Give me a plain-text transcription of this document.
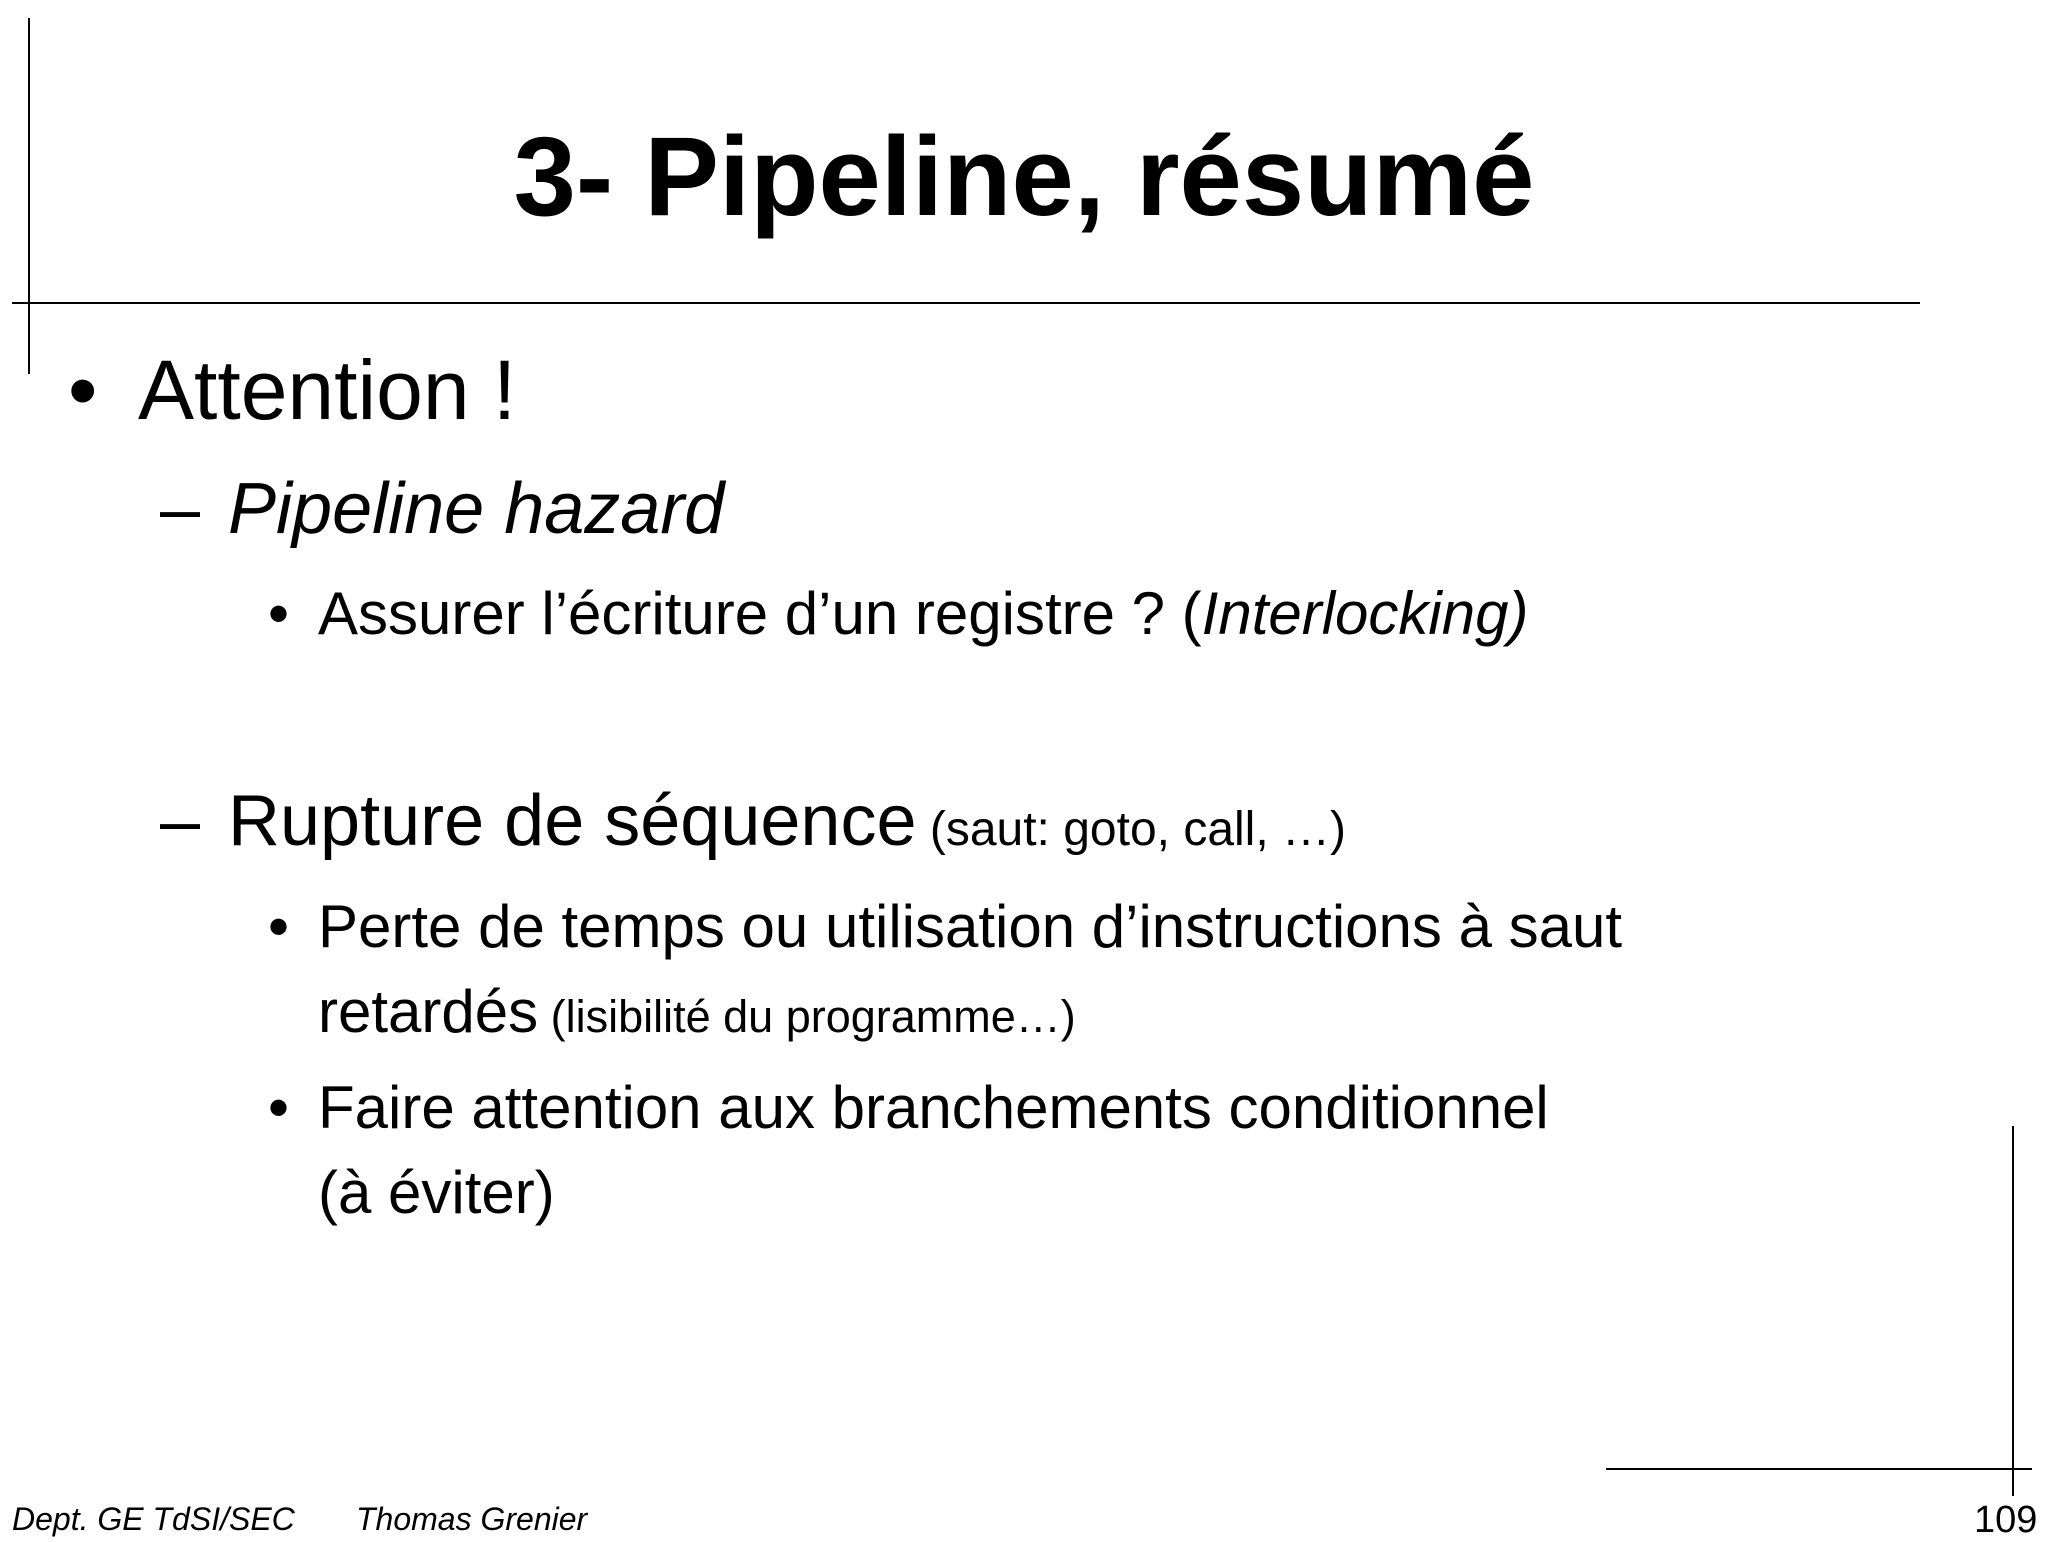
3- Pipeline, résumé
• Attention !
– Pipeline hazard
• Assurer l’écriture d’un registre ? (Interlocking)
– Rupture de séquence (saut: goto, call, …)
• Perte de temps ou utilisation d’instructions à saut
retardés (lisibilité du programme…)
• Faire attention aux branchements conditionnel
(à éviter)
Dept. GE TdSI/SEC Thomas Grenier	109
